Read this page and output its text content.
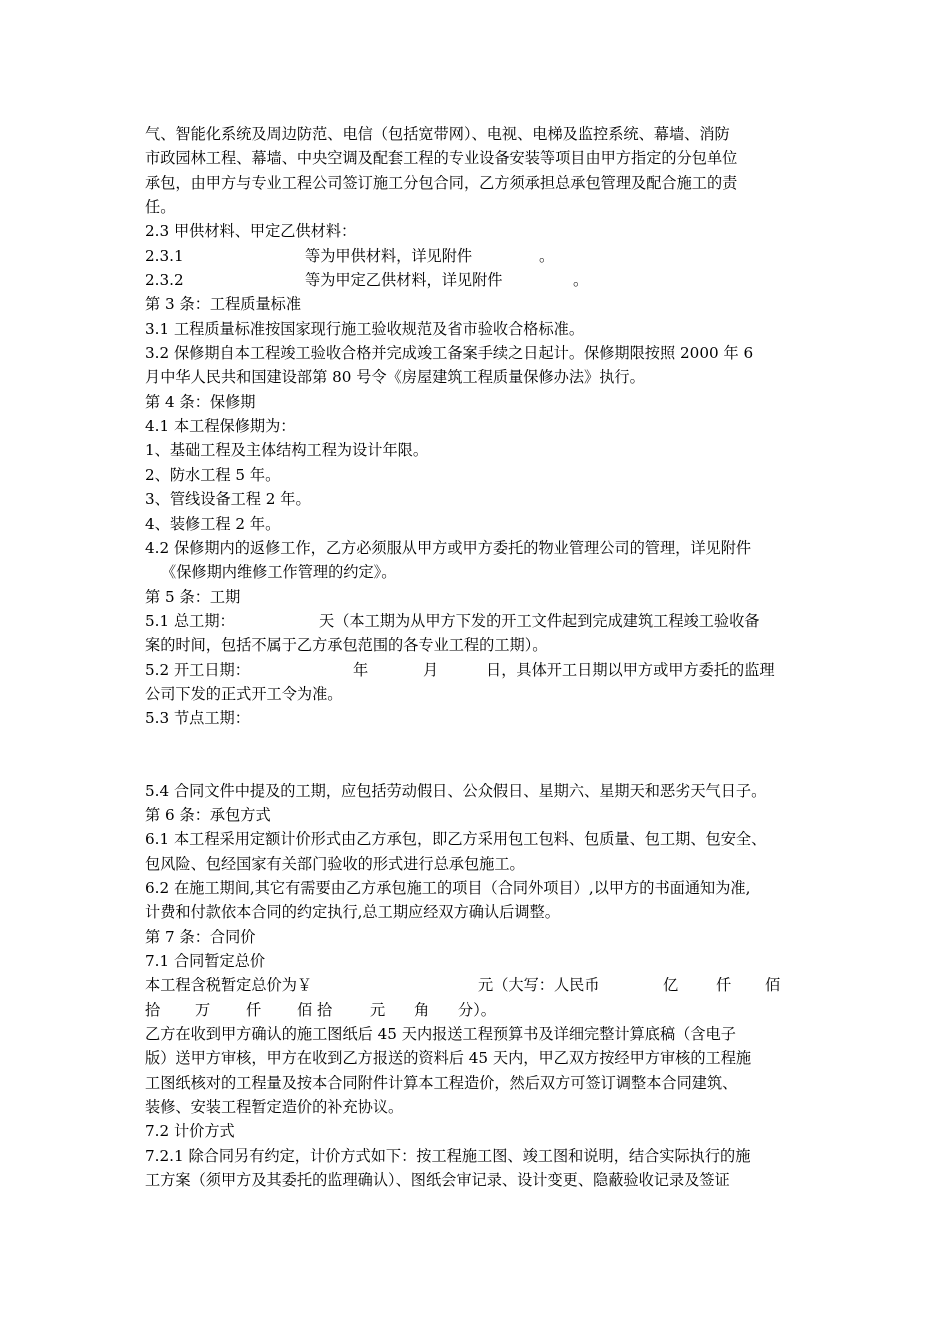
气、智能化系统及周边防范、电信（包括宽带网）、电视、电梯及监控系统、幕墙、消防
市政园林工程、幕墙、中央空调及配套工程的专业设备安装等项目由甲方指定的分包单位
承包，由甲方与专业工程公司签订施工分包合同，乙方须承担总承包管理及配合施工的责
任。
2.3 甲供材料、甲定乙供材料：
2.3.1	等为甲供材料，详见附件	。
2.3.2	等为甲定乙供材料，详见附件	。
第 3 条：工程质量标准
3.1 工程质量标准按国家现行施工验收规范及省市验收合格标准。
3.2 保修期自本工程竣工验收合格并完成竣工备案手续之日起计。保修期限按照 2000 年 6
月中华人民共和国建设部第 80 号令《房屋建筑工程质量保修办法》执行。
第 4 条：保修期
4.1 本工程保修期为：
1、基础工程及主体结构工程为设计年限。
2、防水工程 5 年。
3、管线设备工程 2 年。
4、装修工程 2 年。
4.2 保修期内的返修工作，乙方必须服从甲方或甲方委托的物业管理公司的管理，详见附件
《保修期内维修工作管理的约定》。
第 5 条：工期
5.1 总工期：	天（本工期为从甲方下发的开工文件起到完成建筑工程竣工验收备
案的时间，包括不属于乙方承包范围的各专业工程的工期）。
5.2 开工日期：	年	月	日，具体开工日期以甲方或甲方委托的监理
公司下发的正式开工令为准。
5.3 节点工期：
5.4 合同文件中提及的工期，应包括劳动假日、公众假日、星期六、星期天和恶劣天气日子。
第 6 条：承包方式
6.1 本工程采用定额计价形式由乙方承包，即乙方采用包工包料、包质量、包工期、包安全、
包风险、包经国家有关部门验收的形式进行总承包施工。
6.2 在施工期间,其它有需要由乙方承包施工的项目（合同外项目）,以甲方的书面通知为准,
计费和付款依本合同的约定执行,总工期应经双方确认后调整。
第 7 条：合同价
7.1 合同暂定总价
本工程含税暂定总价为￥	元（大写：人民币	亿 仟 佰
拾 万 仟 佰 拾 元 角 分）。
乙方在收到甲方确认的施工图纸后 45 天内报送工程预算书及详细完整计算底稿（含电子
版）送甲方审核，甲方在收到乙方报送的资料后 45 天内，甲乙双方按经甲方审核的工程施
工图纸核对的工程量及按本合同附件计算本工程造价，然后双方可签订调整本合同建筑、
装修、安装工程暂定造价的补充协议。
7.2 计价方式
7.2.1 除合同另有约定，计价方式如下：按工程施工图、竣工图和说明，结合实际执行的施
工方案（须甲方及其委托的监理确认）、图纸会审记录、设计变更、隐蔽验收记录及签证
